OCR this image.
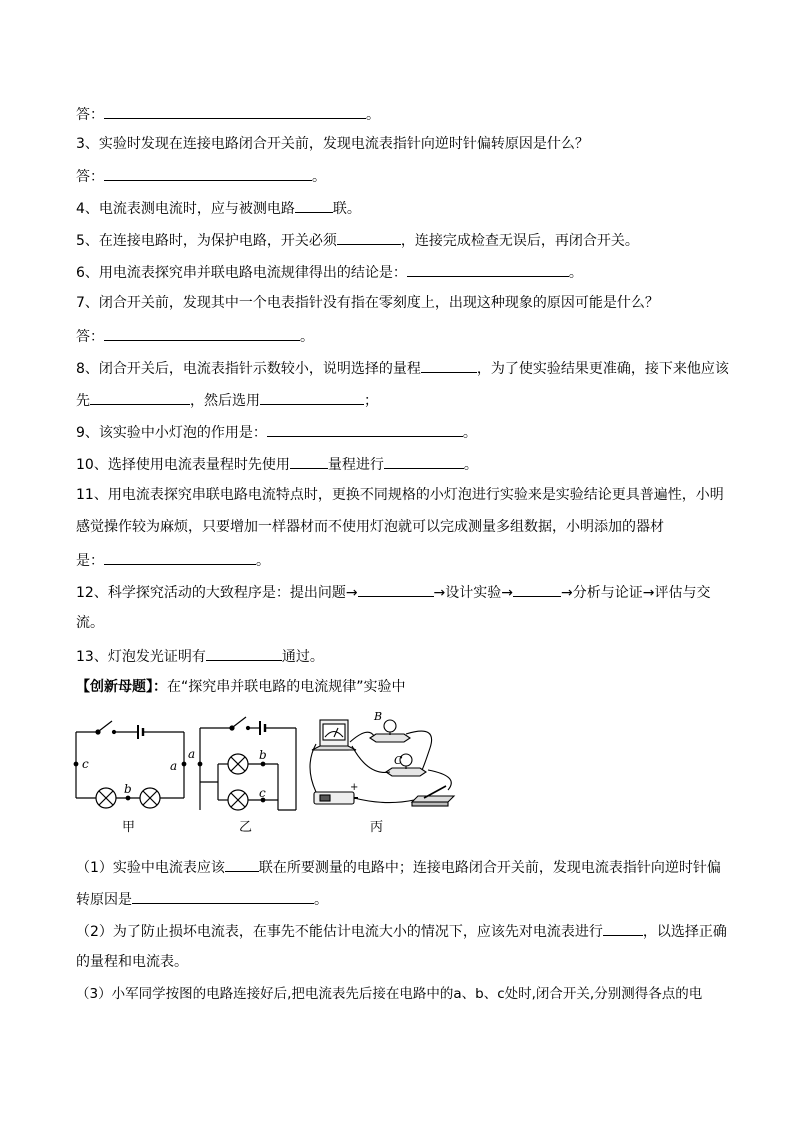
答：	。
3、实验时发现在连接电路闭合开关前，发现电流表指针向逆时针偏转原因是什么？
答：	。
4、电流表测电流时，应与被测电路	联。
5、在连接电路时，为保护电路，开关必须	，连接完成检查无误后，再闭合开关。
6、用电流表探究串并联电路电流规律得出的结论是：	。
7、闭合开关前，发现其中一个电表指针没有指在零刻度上，出现这种现象的原因可能是什么？
答：	。
8、闭合开关后，电流表指针示数较小，说明选择的量程	，为了使实验结果更准确，接下来他应该
先	，然后选用	；
9、该实验中小灯泡的作用是：	。
10、选择使用电流表量程时先使用	量程进行	。
11、用电流表探究串联电路电流特点时，更换不同规格的小灯泡进行实验来是实验结论更具普遍性，小明
感觉操作较为麻烦，只要增加一样器材而不使用灯泡就可以完成测量多组数据，小明添加的器材
是：	。
12、科学探究活动的大致程序是：提出问题→	→设计实验→	→分析与论证→评估与交
流。
13、灯泡发光证明有	通过。
【创新母题】：在“探究串并联电路的电流规律”实验中
c	a
b
甲
a	b
c
乙
B
C
+
丙
（1）实验中电流表应该 联在所要测量的电路中；连接电路闭合开关前，发现电流表指针向逆时针偏
转原因是	。
（2）为了防止损坏电流表，在事先不能估计电流大小的情况下，应该先对电流表进行	，以选择正确
的量程和电流表。
（3）小军同学按图的电路连接好后,把电流表先后接在电路中的a、b、c处时,闭合开关,分别测得各点的电
